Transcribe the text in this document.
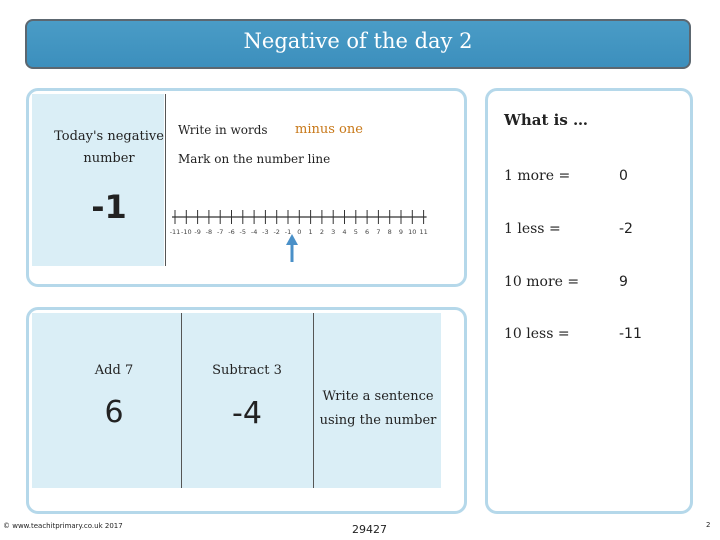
Negative of the day 2
Today's negative number
-1
Write in words minus one
Mark on the number line
-11 -10 -9 -8 -7 -6 -5 -4 -3 -2 -1 0 1 2 3 4 5 6 7 8 9 10 11
Add 7
6
Subtract 3
-4	Write a sentence using the number
What is …
1 more =	0
1 less =	-2
10 more =	9
10 less =	-11
© www.teachitprimary.co.uk 2017	29427	2
